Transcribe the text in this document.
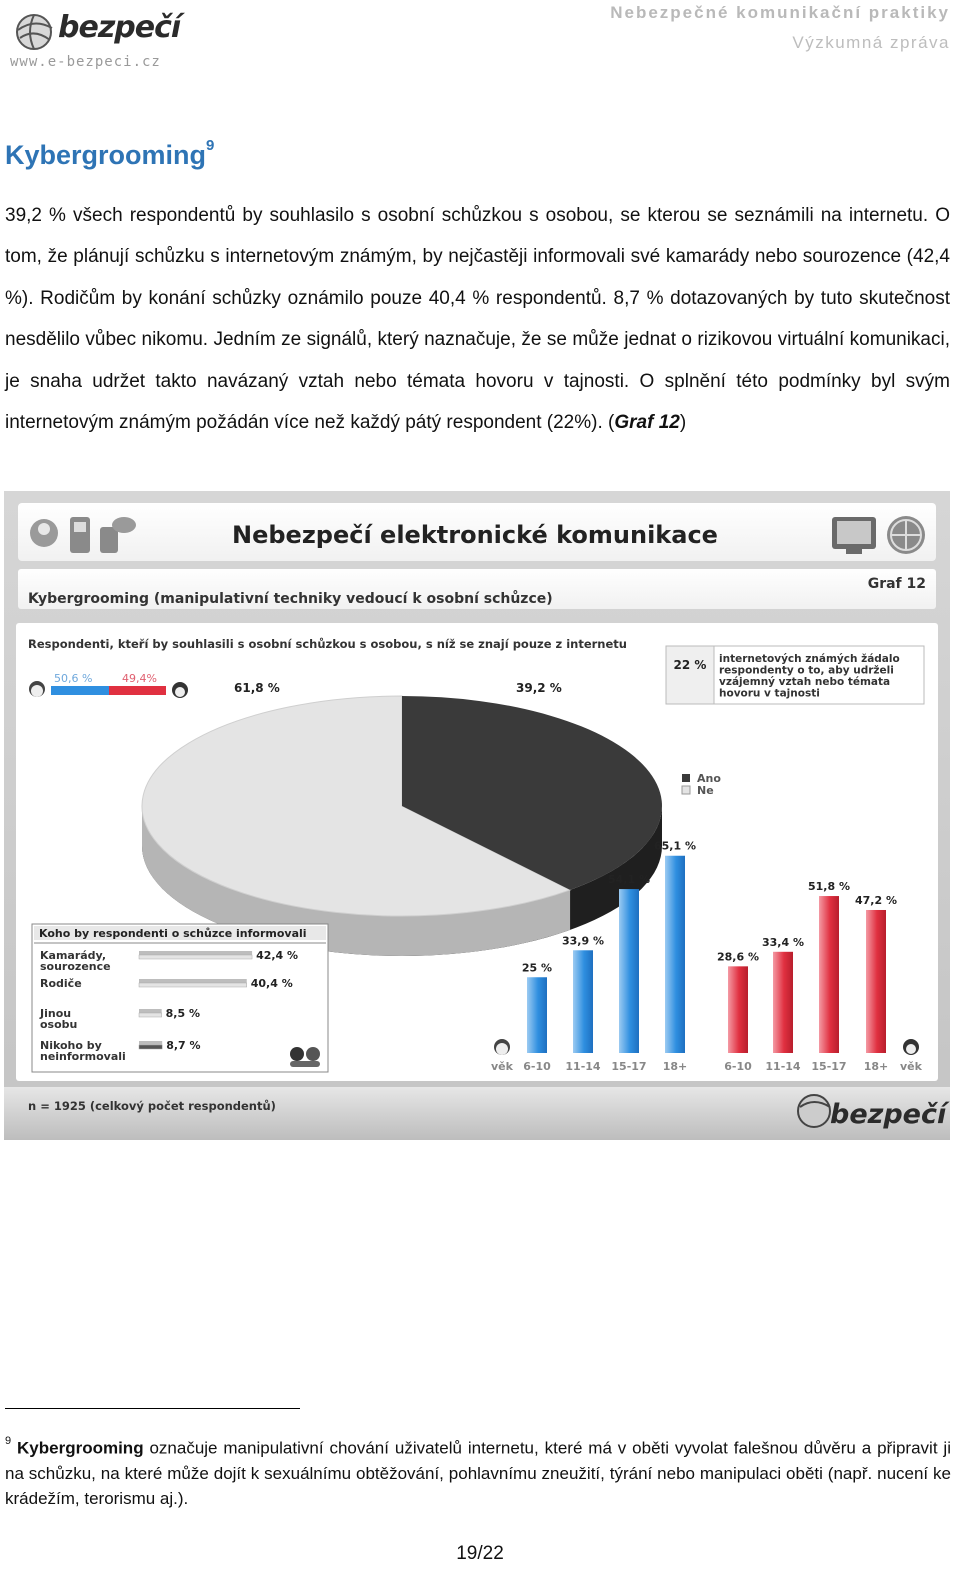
bezpečí
www.e-bezpeci.cz
Nebezpečné komunikační praktiky
Výzkumná zpráva
Kybergrooming$^9$

39,2 % všech respondentů by souhlasilo s osobní schůzkou s osobou, se kterou se seznámili na internetu. O tom, že plánují schůzku s internetovým známým, by nejčastěji informovali své kamarády nebo sourozence (42,4 %). Rodičům by konání schůzky oznámilo pouze 40,4 % respondentů. 8,7 % dotazovaných by tuto skutečnost nesdělilo vůbec nikomu. Jedním ze signálů, který naznačuje, že se může jednat o rizikovou virtuální komunikaci, je snaha udržet takto navázaný vztah nebo témata hovoru v tajnosti. O splnění této podmínky byl svým internetovým známým požádán více než každý pátý respondent (22%). (Graf 12)

Nebezpečí elektronické komunikace
Kybergrooming (manipulativní techniky vedoucí k osobní schůzce)
Graf 12
Respondenti, kteří by souhlasili s osobní schůzkou s osobou, s níž se znají pouze z internetu
50,6 %	49,4%
61,8 %	39,2 %
22 % internetových známých žádalo respondenty o to, aby udrželi vzájemný vztah nebo témata hovoru v tajnosti
Ano
Ne
Koho by respondenti o schůzce informovali
Kamarády,
sourozence
42,4 %
Rodiče	40,4 %
Jinou
osobu
8,5 %
Nikoho by
neinformovali
8,7 %
25 %
6-10
33,9 %
11-14
54,1 %
15-17
65,1 %
18+
28,6 %
6-10
33,4 %
11-14
51,8 %
15-17
47,2 %
18+
věk	věk
n = 1925 (celkový počet respondentů)	bezpečí
$^9$ Kybergrooming označuje manipulativní chování uživatelů internetu, které má v oběti vyvolat falešnou důvěru a připravit ji na schůzku, na které může dojít k sexuálnímu obtěžování, pohlavnímu zneužití, týrání nebo manipulaci oběti (např. nucení ke krádežím, terorismu aj.).
19/22
